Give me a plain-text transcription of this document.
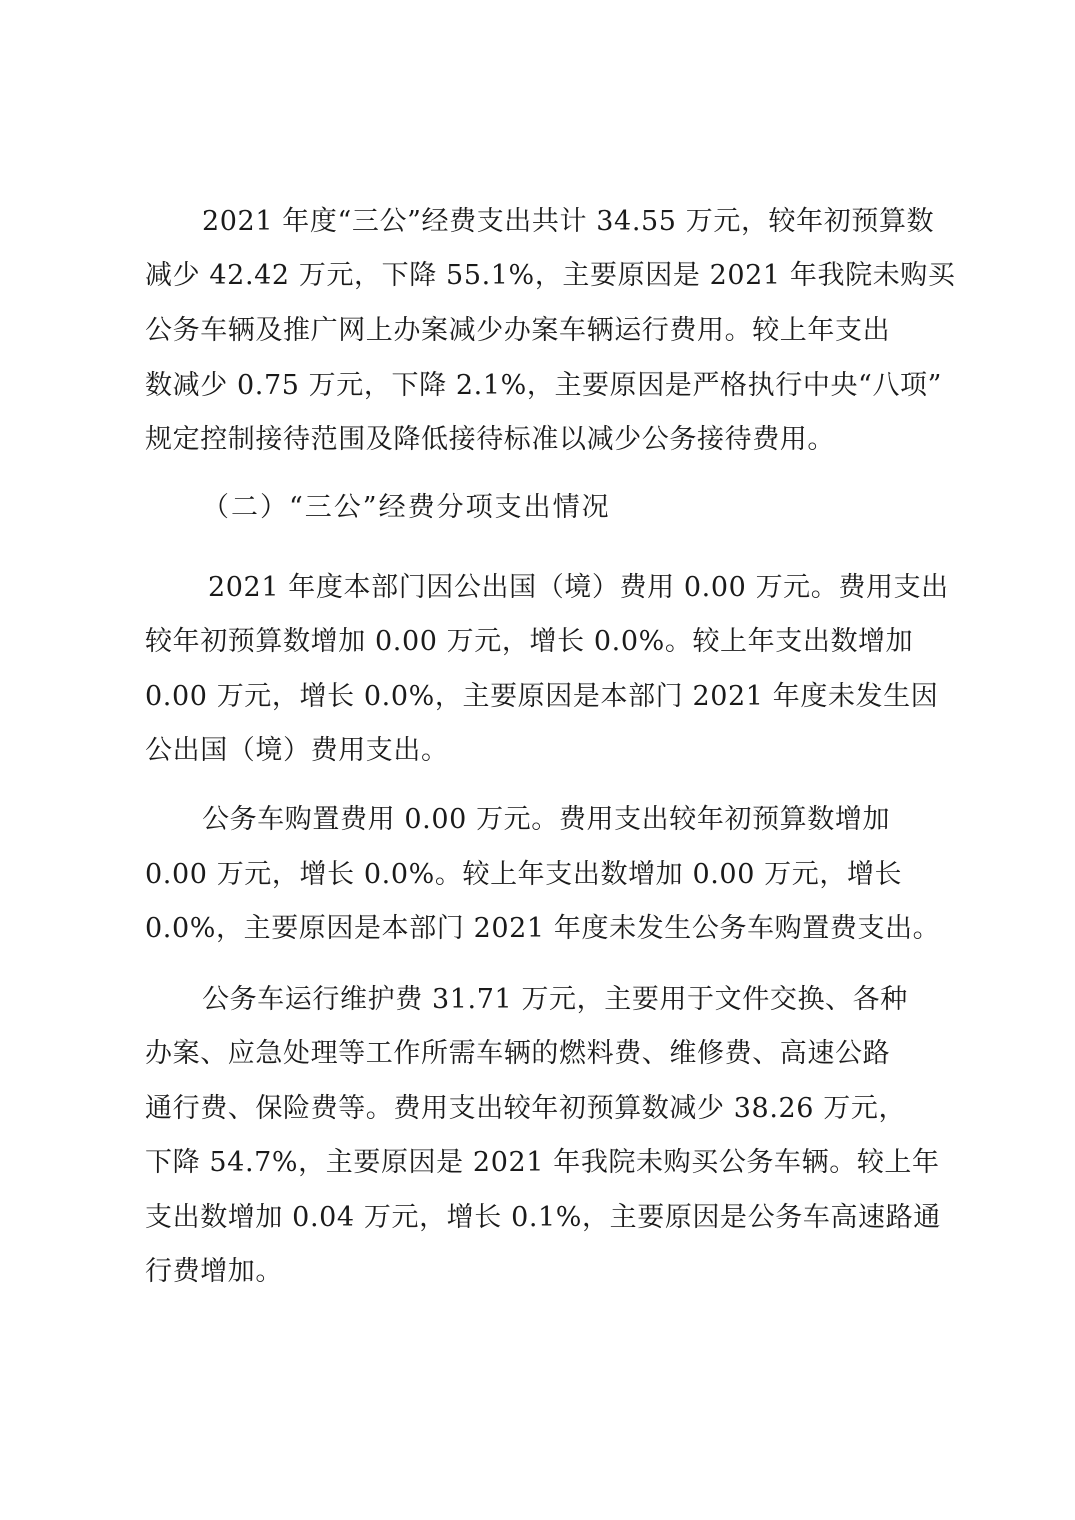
2021 年度“三公”经费支出共计 34.55 万元，较年初预算数
减少 42.42 万元，下降 55.1%，主要原因是 2021 年我院未购买
公务车辆及推广网上办案减少办案车辆运行费用。较上年支出
数减少 0.75 万元，下降 2.1%，主要原因是严格执行中央“八项”
规定控制接待范围及降低接待标准以减少公务接待费用。
（二）“三公”经费分项支出情况
2021 年度本部门因公出国（境）费用 0.00 万元。费用支出
较年初预算数增加 0.00 万元，增长 0.0%。较上年支出数增加
0.00 万元，增长 0.0%，主要原因是本部门 2021 年度未发生因
公出国（境）费用支出。
公务车购置费用 0.00 万元。费用支出较年初预算数增加
0.00 万元，增长 0.0%。较上年支出数增加 0.00 万元，增长
0.0%，主要原因是本部门 2021 年度未发生公务车购置费支出。
公务车运行维护费 31.71 万元，主要用于文件交换、各种
办案、应急处理等工作所需车辆的燃料费、维修费、高速公路
通行费、保险费等。费用支出较年初预算数减少 38.26 万元，
下降 54.7%，主要原因是 2021 年我院未购买公务车辆。较上年
支出数增加 0.04 万元，增长 0.1%，主要原因是公务车高速路通
行费增加。
